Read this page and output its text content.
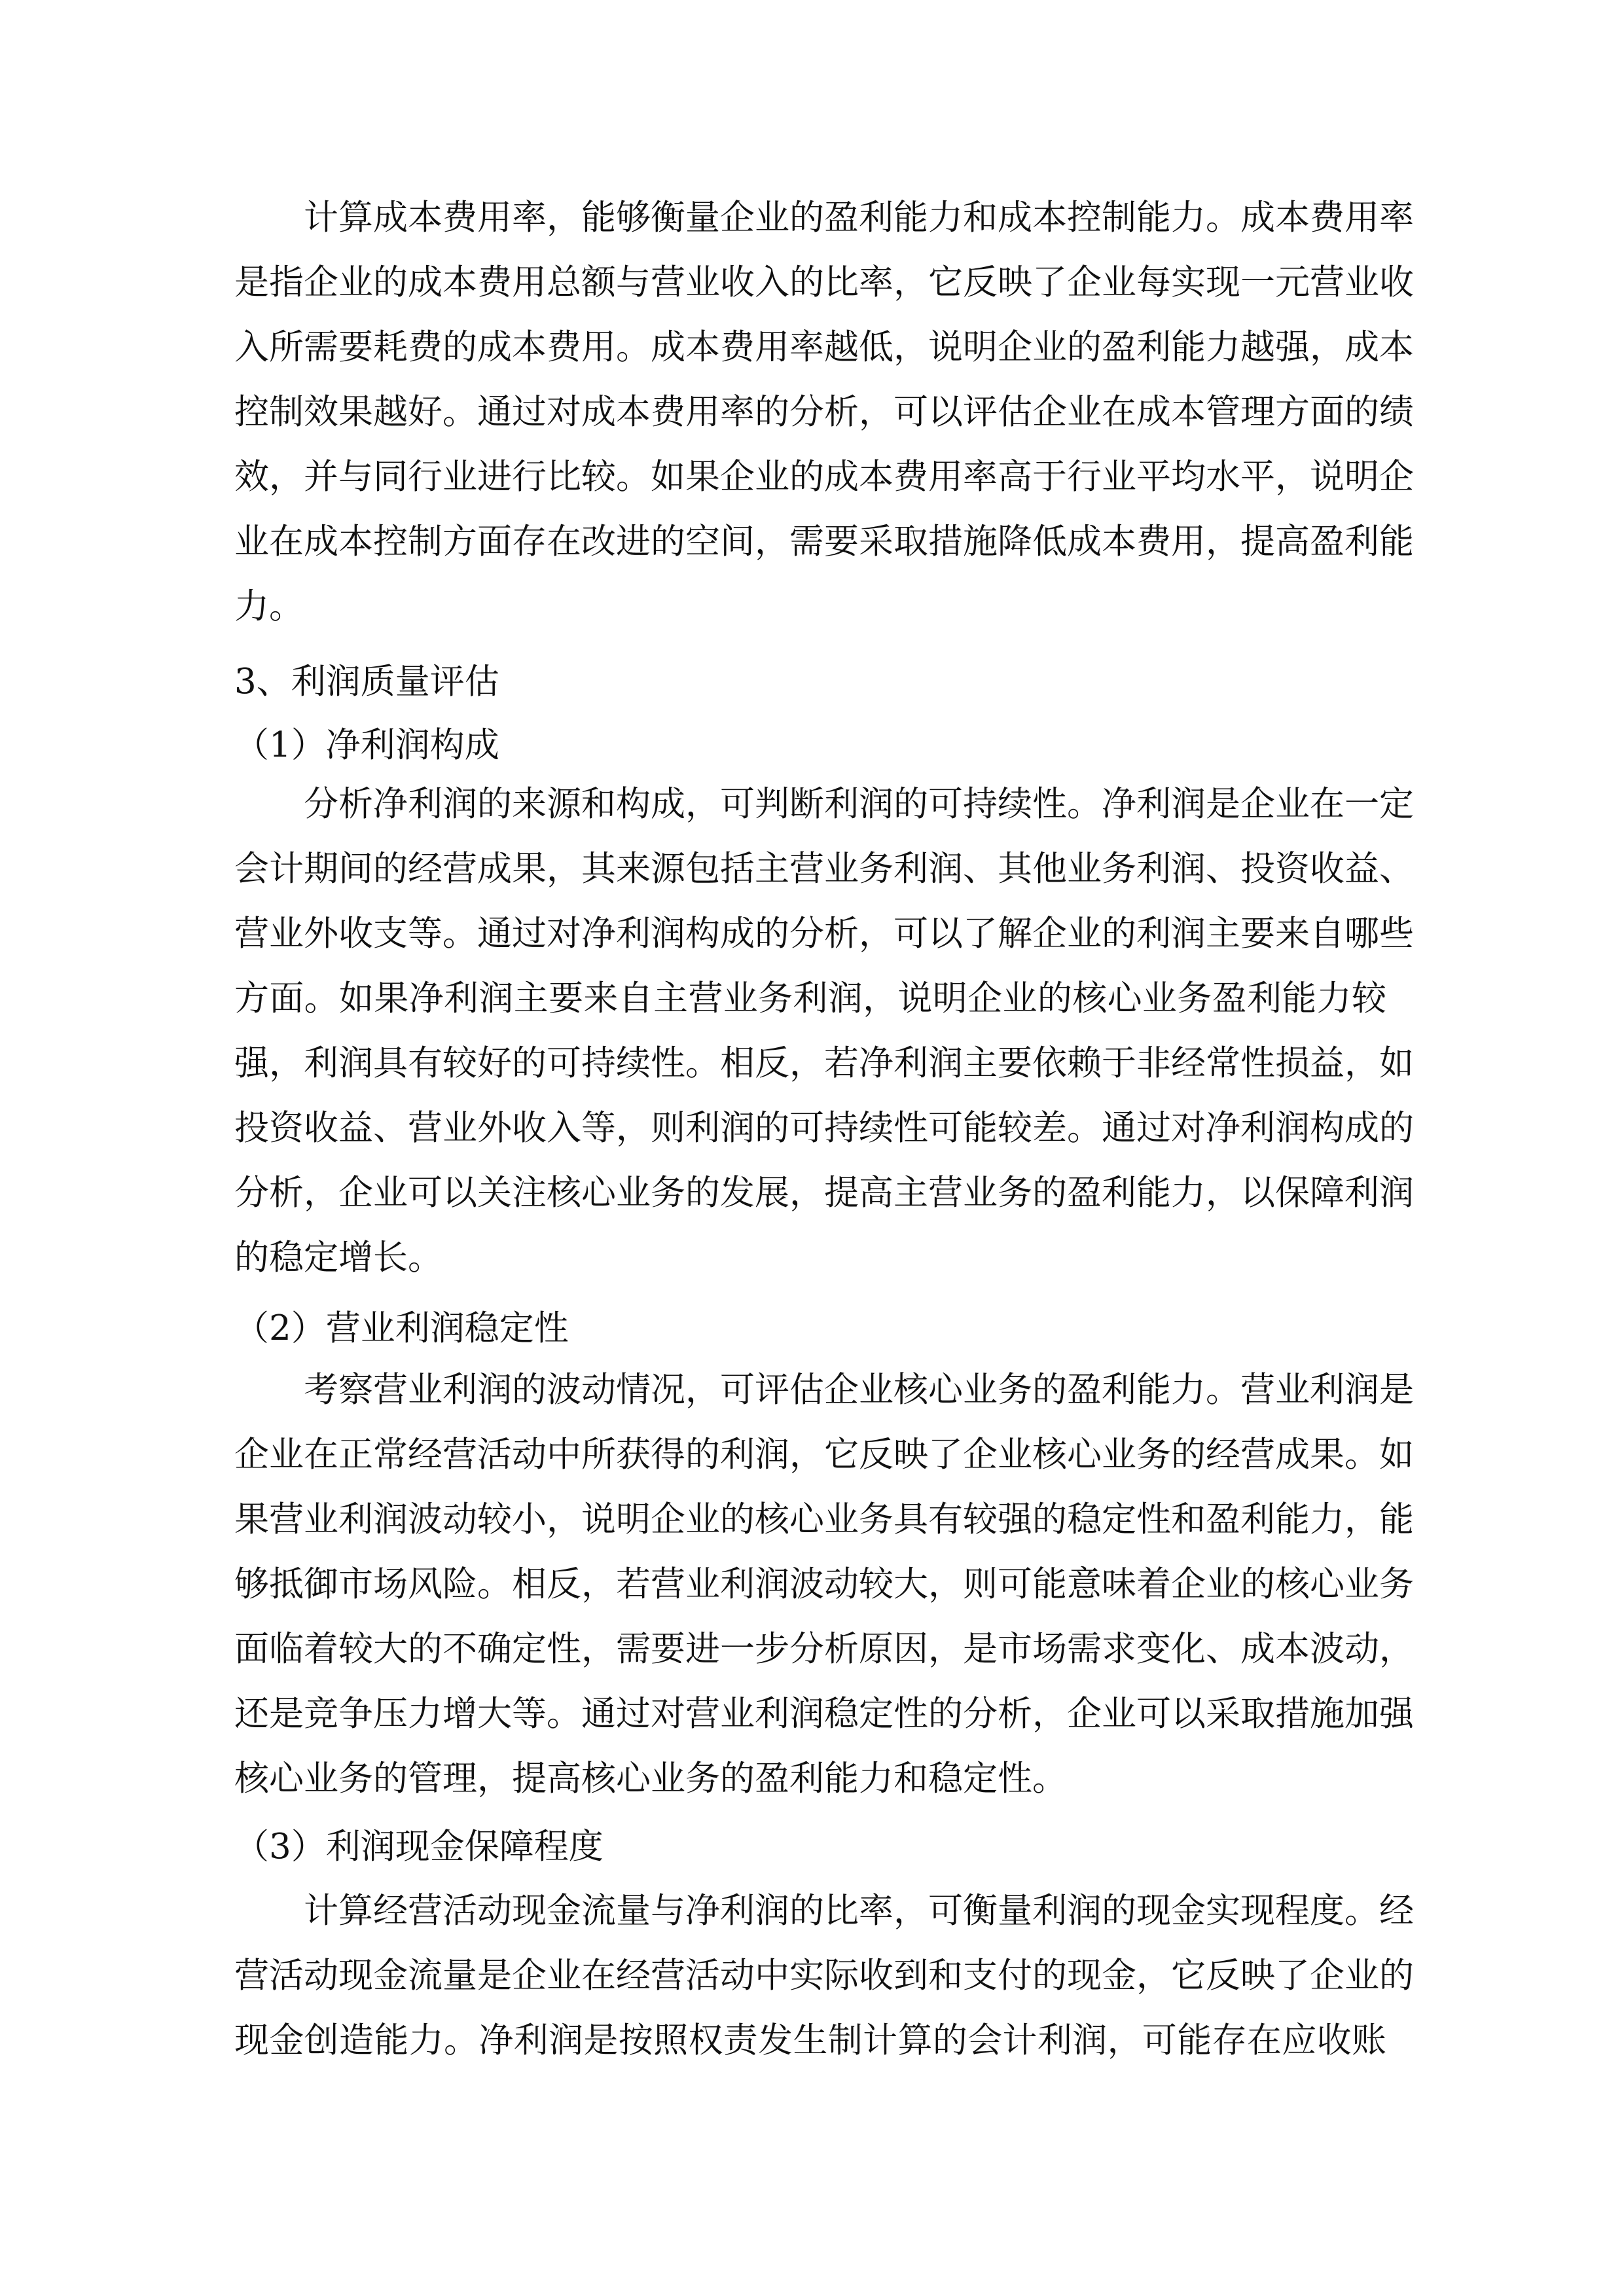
计算成本费用率，能够衡量企业的盈利能力和成本控制能力。成本费用率
是指企业的成本费用总额与营业收入的比率，它反映了企业每实现一元营业收
入所需要耗费的成本费用。成本费用率越低，说明企业的盈利能力越强，成本
控制效果越好。通过对成本费用率的分析，可以评估企业在成本管理方面的绩
效，并与同行业进行比较。如果企业的成本费用率高于行业平均水平，说明企
业在成本控制方面存在改进的空间，需要采取措施降低成本费用，提高盈利能
力。
3、利润质量评估
（1）净利润构成
分析净利润的来源和构成，可判断利润的可持续性。净利润是企业在一定
会计期间的经营成果，其来源包括主营业务利润、其他业务利润、投资收益、
营业外收支等。通过对净利润构成的分析，可以了解企业的利润主要来自哪些
方面。如果净利润主要来自主营业务利润，说明企业的核心业务盈利能力较
强，利润具有较好的可持续性。相反，若净利润主要依赖于非经常性损益，如
投资收益、营业外收入等，则利润的可持续性可能较差。通过对净利润构成的
分析，企业可以关注核心业务的发展，提高主营业务的盈利能力，以保障利润
的稳定增长。
（2）营业利润稳定性
考察营业利润的波动情况，可评估企业核心业务的盈利能力。营业利润是
企业在正常经营活动中所获得的利润，它反映了企业核心业务的经营成果。如
果营业利润波动较小，说明企业的核心业务具有较强的稳定性和盈利能力，能
够抵御市场风险。相反，若营业利润波动较大，则可能意味着企业的核心业务
面临着较大的不确定性，需要进一步分析原因，是市场需求变化、成本波动，
还是竞争压力增大等。通过对营业利润稳定性的分析，企业可以采取措施加强
核心业务的管理，提高核心业务的盈利能力和稳定性。
（3）利润现金保障程度
计算经营活动现金流量与净利润的比率，可衡量利润的现金实现程度。经
营活动现金流量是企业在经营活动中实际收到和支付的现金，它反映了企业的
现金创造能力。净利润是按照权责发生制计算的会计利润，可能存在应收账
